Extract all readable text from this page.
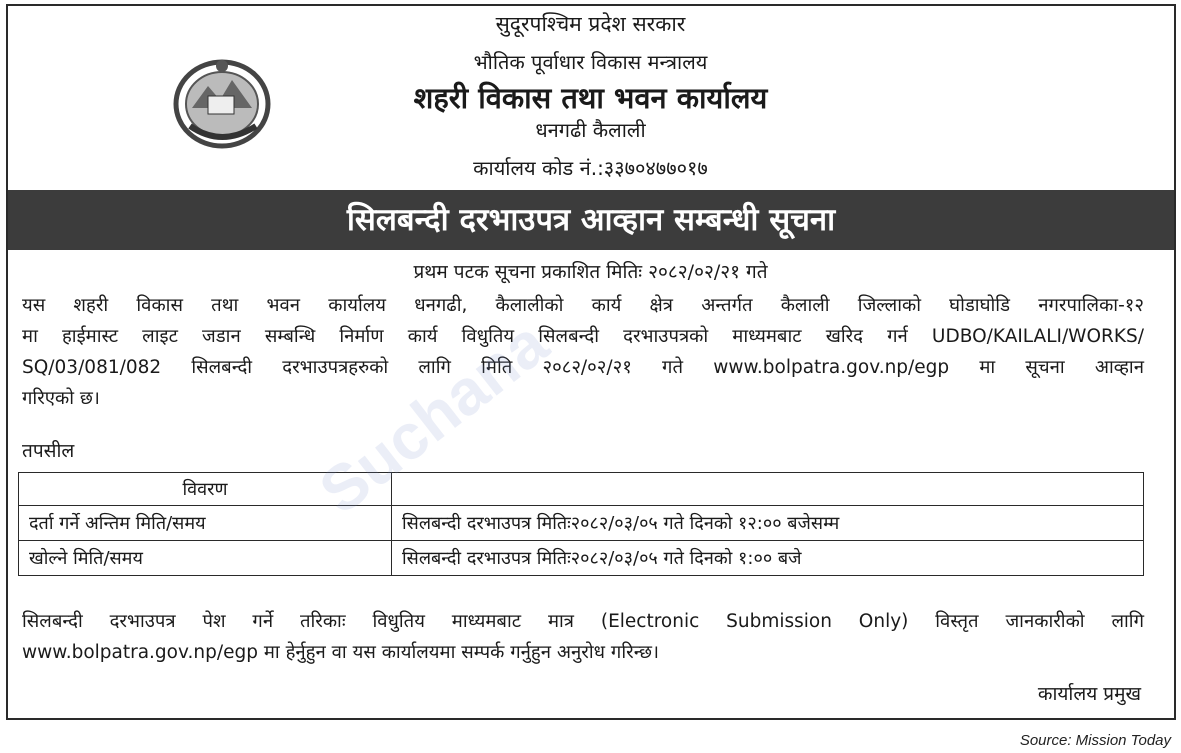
सुदूरपश्चिम प्रदेश सरकार
भौतिक पूर्वाधार विकास मन्त्रालय
शहरी विकास तथा भवन कार्यालय
धनगढी कैलाली
कार्यालय कोड नं.:३३७०४७७०१७
सिलबन्दी दरभाउपत्र आव्हान सम्बन्धी सूचना
प्रथम पटक सूचना प्रकाशित मितिः २०८२/०२/२१ गते
यस शहरी विकास तथा भवन कार्यालय धनगढी, कैलालीको कार्य क्षेत्र अन्तर्गत कैलाली जिल्लाको घोडाघोडि नगरपालिका-१२
मा हाईमास्ट लाइट जडान सम्बन्धि निर्माण कार्य विधुतिय सिलबन्दी दरभाउपत्रको माध्यमबाट खरिद गर्न UDBO/KAILALI/WORKS/
SQ/03/081/082 सिलबन्दी दरभाउपत्रहरुको लागि मिति २०८२/०२/२१ गते www.bolpatra.gov.np/egp मा सूचना आव्हान
गरिएको छ।
तपसील
विवरण	
दर्ता गर्ने अन्तिम मिति/समय	सिलबन्दी दरभाउपत्र मितिः२०८२/०३/०५ गते दिनको १२:०० बजेसम्म
खोल्ने मिति/समय	सिलबन्दी दरभाउपत्र मितिः२०८२/०३/०५ गते दिनको १:०० बजे
सिलबन्दी दरभाउपत्र पेश गर्ने तरिकाः विधुतिय माध्यमबाट मात्र (Electronic Submission Only) विस्तृत जानकारीको लागि
www.bolpatra.gov.np/egp मा हेर्नुहुन वा यस कार्यालयमा सम्पर्क गर्नुहुन अनुरोध गरिन्छ।
कार्यालय प्रमुख
Suchana
Source: Mission Today
